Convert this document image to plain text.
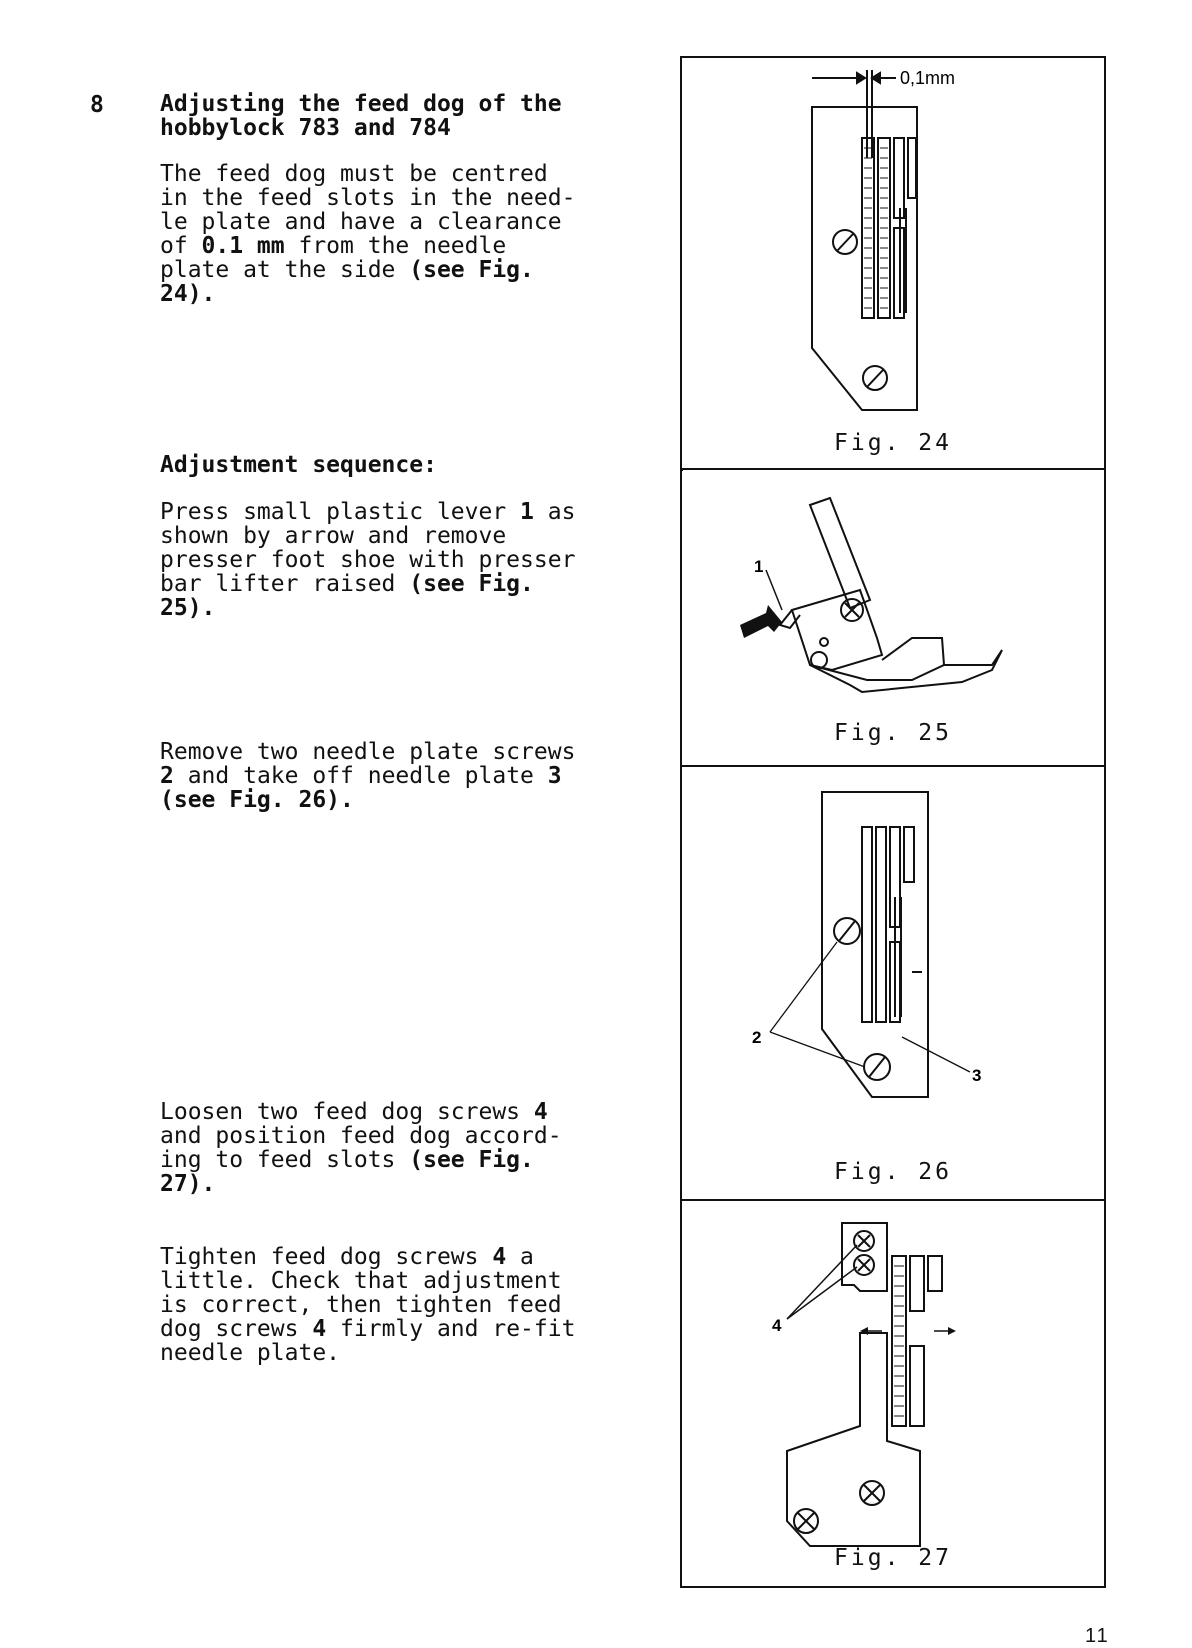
8 Adjusting the feed dog of the
hobbylock 783 and 784
The feed dog must be centred
in the feed slots in the need-
le plate and have a clearance
of 0.1 mm from the needle
plate at the side (see Fig.
24).
Adjustment sequence:
Press small plastic lever 1 as
shown by arrow and remove
presser foot shoe with presser
bar lifter raised (see Fig.
25).
Remove two needle plate screws
2 and take off needle plate 3
(see Fig. 26).
Loosen two feed dog screws 4
and position feed dog accord-
ing to feed slots (see Fig.
27).
Tighten feed dog screws 4 a
little. Check that adjustment
is correct, then tighten feed
dog screws 4 firmly and re-fit
needle plate.
0,1mm
Fig. 24
1
Fig. 25
2
3
Fig. 26
4
Fig. 27
11
